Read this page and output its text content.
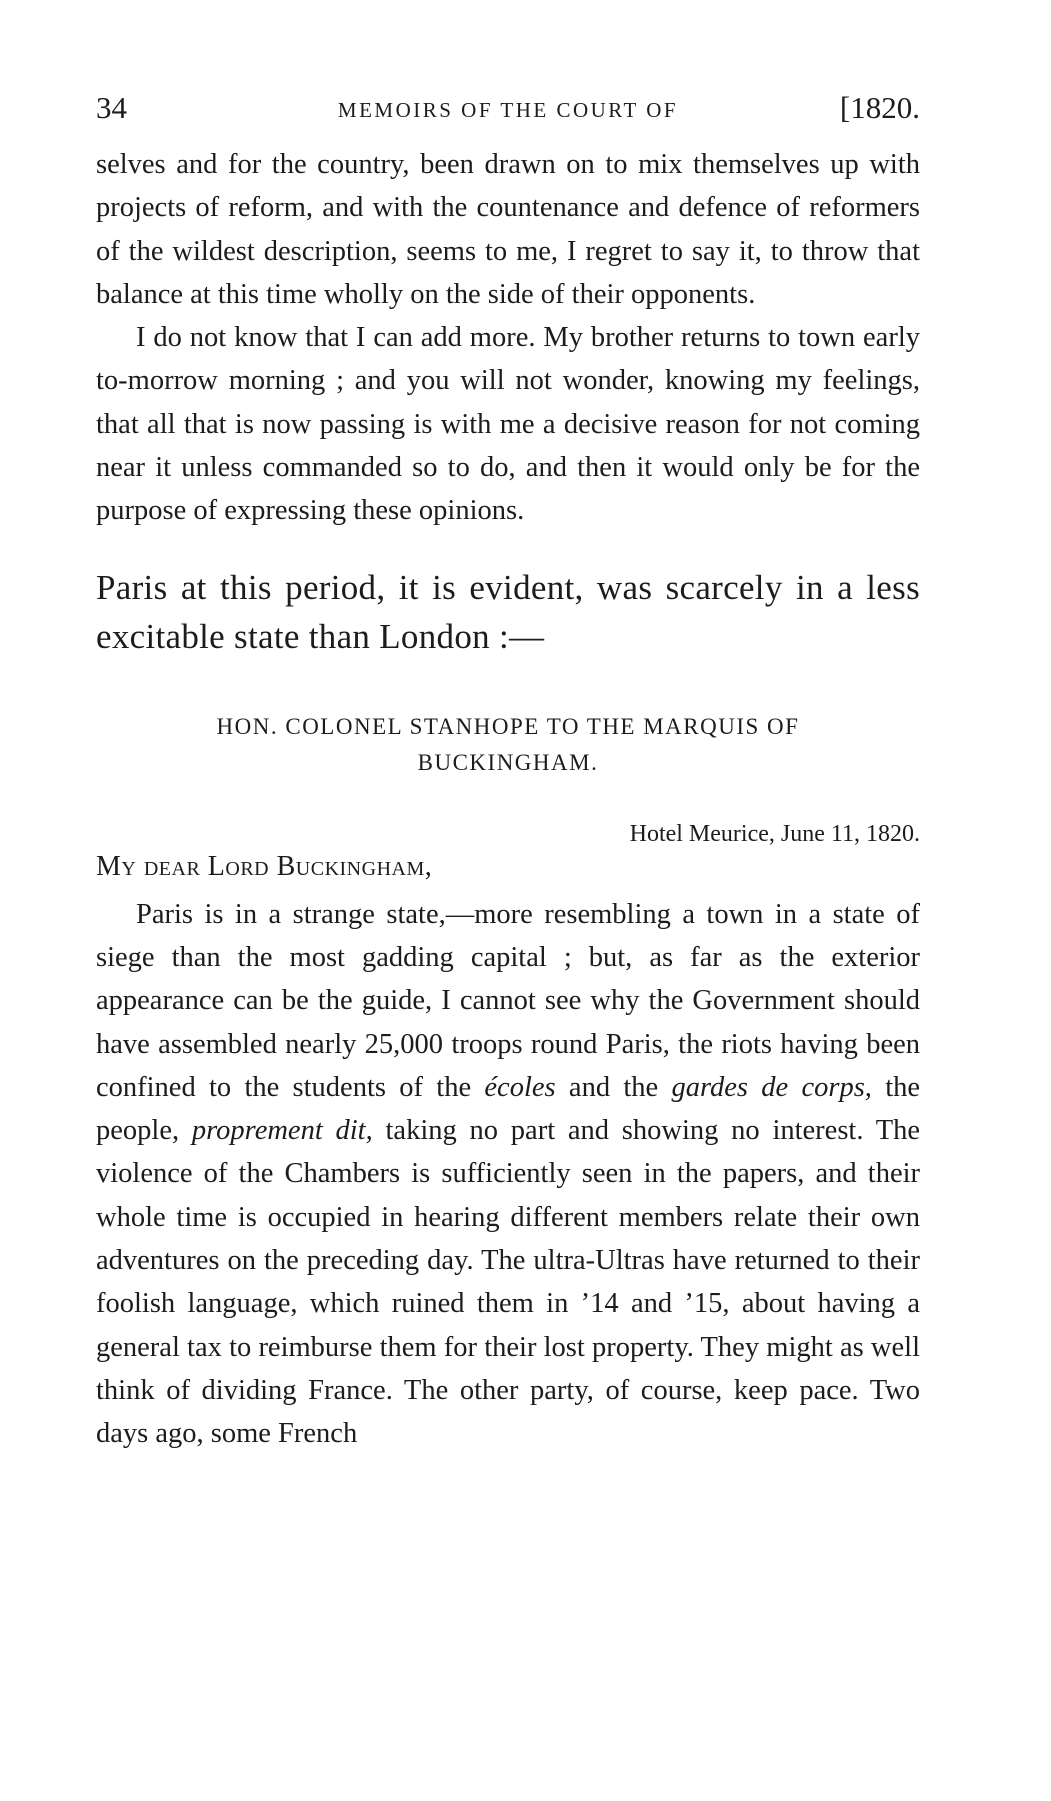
34	MEMOIRS OF THE COURT OF	[1820.

selves and for the country, been drawn on to mix themselves up with projects of reform, and with the countenance and defence of reformers of the wildest description, seems to me, I regret to say it, to throw that balance at this time wholly on the side of their opponents.

I do not know that I can add more. My brother returns to town early to-morrow morning ; and you will not wonder, knowing my feelings, that all that is now passing is with me a decisive reason for not coming near it unless commanded so to do, and then it would only be for the purpose of expressing these opinions.

Paris at this period, it is evident, was scarcely in a less excitable state than London :—

HON. COLONEL STANHOPE TO THE MARQUIS OF
BUCKINGHAM.
Hotel Meurice, June 11, 1820.
My dear Lord Buckingham,

Paris is in a strange state,—more resembling a town in a state of siege than the most gadding capital ; but, as far as the exterior appearance can be the guide, I cannot see why the Government should have assembled nearly 25,000 troops round Paris, the riots having been confined to the students of the écoles and the gardes de corps, the people, proprement dit, taking no part and showing no interest. The violence of the Chambers is sufficiently seen in the papers, and their whole time is occupied in hearing different members relate their own adventures on the preceding day. The ultra-Ultras have returned to their foolish language, which ruined them in ’14 and ’15, about having a general tax to reimburse them for their lost property. They might as well think of dividing France. The other party, of course, keep pace. Two days ago, some French
